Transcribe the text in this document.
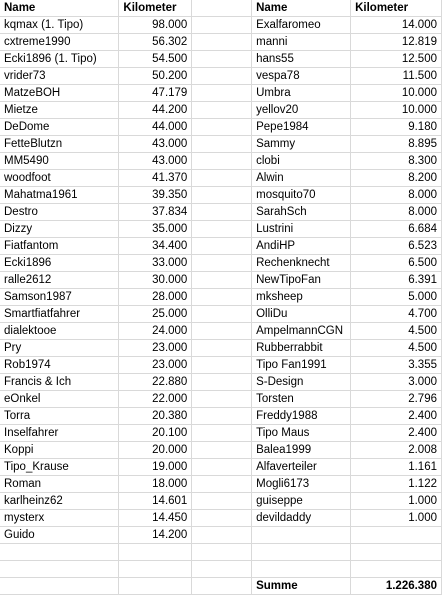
Name	Kilometer		Name	Kilometer
kqmax (1. Tipo)	98.000		Exalfaromeo	14.000
cxtreme1990	56.302		manni	12.819
Ecki1896 (1. Tipo)	54.500		hans55	12.500
vrider73	50.200		vespa78	11.500
MatzeBOH	47.179		Umbra	10.000
Mietze	44.200		yellov20	10.000
DeDome	44.000		Pepe1984	9.180
FetteBlutzn	43.000		Sammy	8.895
MM5490	43.000		clobi	8.300
woodfoot	41.370		Alwin	8.200
Mahatma1961	39.350		mosquito70	8.000
Destro	37.834		SarahSch	8.000
Dizzy	35.000		Lustrini	6.684
Fiatfantom	34.400		AndiHP	6.523
Ecki1896	33.000		Rechenknecht	6.500
ralle2612	30.000		NewTipoFan	6.391
Samson1987	28.000		mksheep	5.000
Smartfiatfahrer	25.000		OlliDu	4.700
dialektooe	24.000		AmpelmannCGN	4.500
Pry	23.000		Rubberrabbit	4.500
Rob1974	23.000		Tipo Fan1991	3.355
Francis & Ich	22.880		S-Design	3.000
eOnkel	22.000		Torsten	2.796
Torra	20.380		Freddy1988	2.400
Inselfahrer	20.100		Tipo Maus	2.400
Koppi	20.000		Balea1999	2.008
Tipo_Krause	19.000		Alfaverteiler	1.161
Roman	18.000		Mogli6173	1.122
karlheinz62	14.601		guiseppe	1.000
mysterx	14.450		devildaddy	1.000
Guido	14.200			

			Summe	1.226.380
